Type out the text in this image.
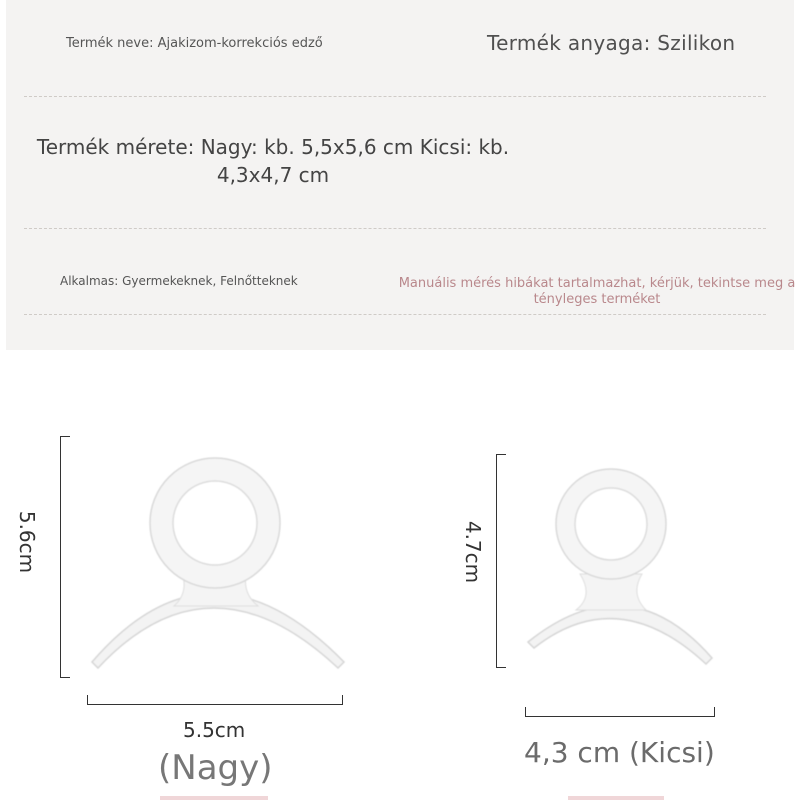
Termék neve: Ajakizom-korrekciós edző	Termék anyaga: Szilikon
Termék mérete: Nagy: kb. 5,5x5,6 cm Kicsi: kb. 4,3x4,7 cm
Alkalmas: Gyermekeknek, Felnőtteknek	Manuális mérés hibákat tartalmazhat, kérjük, tekintse meg a tényleges terméket
5.6cm
5.5cm
(Nagy)
4.7cm
4,3 cm (Kicsi)
